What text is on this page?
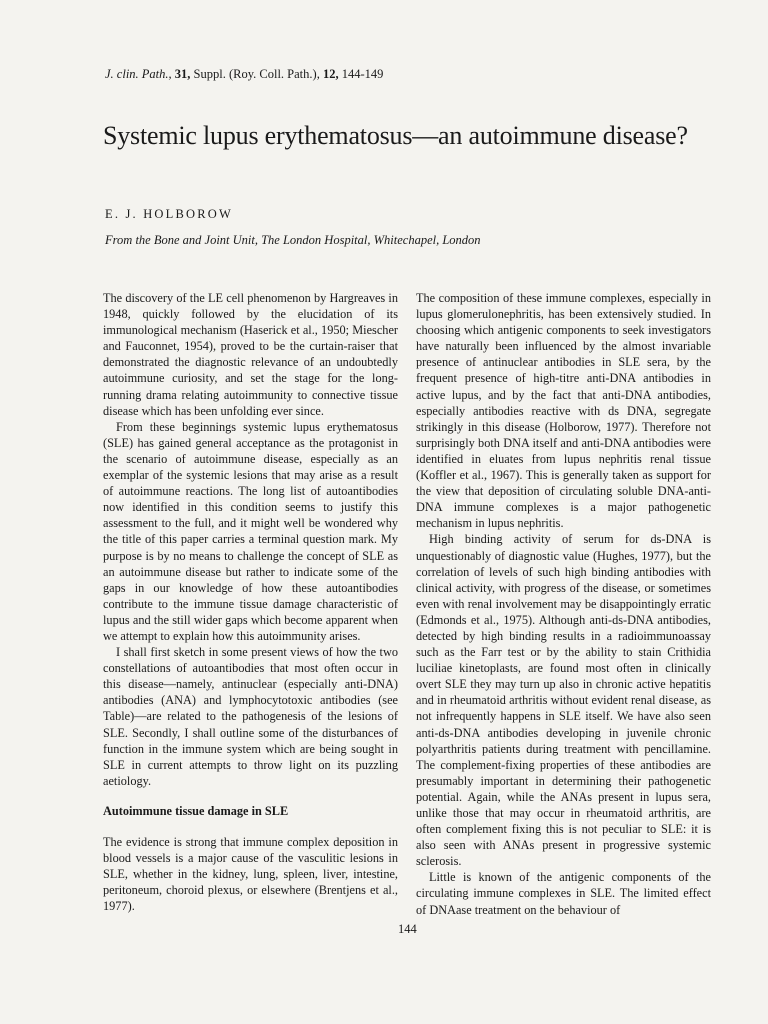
J. clin. Path., 31, Suppl. (Roy. Coll. Path.), 12, 144-149
Systemic lupus erythematosus—an autoimmune disease?
E. J. HOLBOROW
From the Bone and Joint Unit, The London Hospital, Whitechapel, London

The discovery of the LE cell phenomenon by Hargreaves in 1948, quickly followed by the elucidation of its immunological mechanism (Haserick et al., 1950; Miescher and Fauconnet, 1954), proved to be the curtain-raiser that demonstrated the diagnostic relevance of an undoubtedly autoimmune curiosity, and set the stage for the long-running drama relating autoimmunity to connective tissue disease which has been unfolding ever since.

From these beginnings systemic lupus erythematosus (SLE) has gained general acceptance as the protagonist in the scenario of autoimmune disease, especially as an exemplar of the systemic lesions that may arise as a result of autoimmune reactions. The long list of autoantibodies now identified in this condition seems to justify this assessment to the full, and it might well be wondered why the title of this paper carries a terminal question mark. My purpose is by no means to challenge the concept of SLE as an autoimmune disease but rather to indicate some of the gaps in our knowledge of how these autoantibodies contribute to the immune tissue damage characteristic of lupus and the still wider gaps which become apparent when we attempt to explain how this autoimmunity arises.

I shall first sketch in some present views of how the two constellations of autoantibodies that most often occur in this disease—namely, antinuclear (especially anti-DNA) antibodies (ANA) and lymphocytotoxic antibodies (see Table)—are related to the pathogenesis of the lesions of SLE. Secondly, I shall outline some of the disturbances of function in the immune system which are being sought in SLE in current attempts to throw light on its puzzling aetiology.

Autoimmune tissue damage in SLE

The evidence is strong that immune complex deposition in blood vessels is a major cause of the vasculitic lesions in SLE, whether in the kidney, lung, spleen, liver, intestine, peritoneum, choroid plexus, or elsewhere (Brentjens et al., 1977).

The composition of these immune complexes, especially in lupus glomerulonephritis, has been extensively studied. In choosing which antigenic components to seek investigators have naturally been influenced by the almost invariable presence of antinuclear antibodies in SLE sera, by the frequent presence of high-titre anti-DNA antibodies in active lupus, and by the fact that anti-DNA antibodies, especially antibodies reactive with ds DNA, segregate strikingly in this disease (Holborow, 1977). Therefore not surprisingly both DNA itself and anti-DNA antibodies were identified in eluates from lupus nephritis renal tissue (Koffler et al., 1967). This is generally taken as support for the view that deposition of circulating soluble DNA-anti-DNA immune complexes is a major pathogenetic mechanism in lupus nephritis.

High binding activity of serum for ds-DNA is unquestionably of diagnostic value (Hughes, 1977), but the correlation of levels of such high binding antibodies with clinical activity, with progress of the disease, or sometimes even with renal involvement may be disappointingly erratic (Edmonds et al., 1975). Although anti-ds-DNA antibodies, detected by high binding results in a radioimmunoassay such as the Farr test or by the ability to stain Crithidia luciliae kinetoplasts, are found most often in clinically overt SLE they may turn up also in chronic active hepatitis and in rheumatoid arthritis without evident renal disease, as not infrequently happens in SLE itself. We have also seen anti-ds-DNA antibodies developing in juvenile chronic polyarthritis patients during treatment with pencillamine. The complement-fixing properties of these antibodies are presumably important in determining their pathogenetic potential. Again, while the ANAs present in lupus sera, unlike those that may occur in rheumatoid arthritis, are often complement fixing this is not peculiar to SLE: it is also seen with ANAs present in progressive systemic sclerosis.

Little is known of the antigenic components of the circulating immune complexes in SLE. The limited effect of DNAase treatment on the behaviour of

144
